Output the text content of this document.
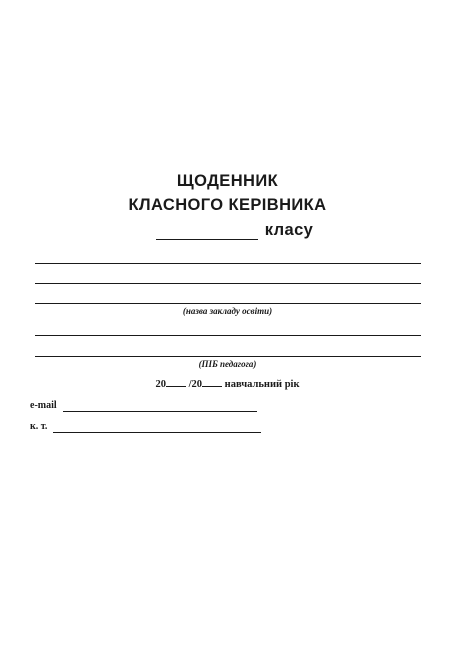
ЩОДЕННИК
КЛАСНОГО КЕРІВНИКА
класу
(назва закладу освіти)
(ПІБ педагога)
20 /20 навчальний рік
e-mail
к. т.
